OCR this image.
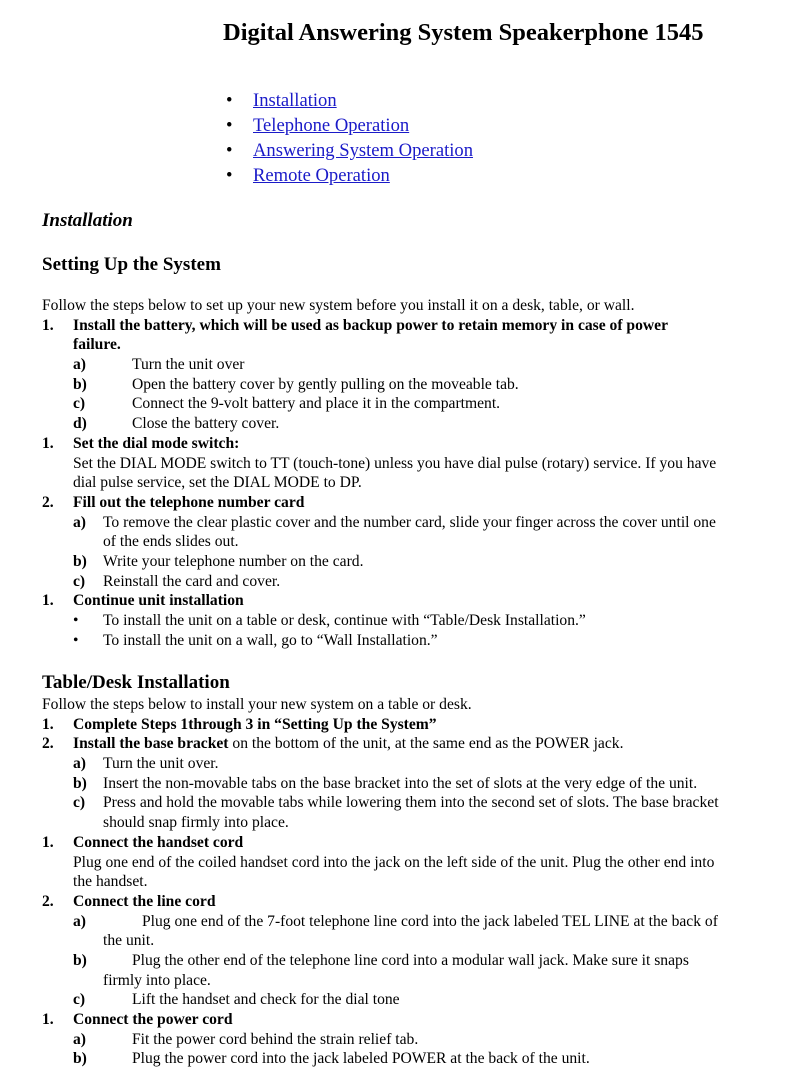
Digital Answering System Speakerphone 1545
• Installation
• Telephone Operation
• Answering System Operation
• Remote Operation
Installation
Setting Up the System
Follow the steps below to set up your new system before you install it on a desk, table, or wall.
1. Install the battery, which will be used as backup power to retain memory in case of power
failure.
a)	Turn the unit over
b)	Open the battery cover by gently pulling on the moveable tab.
c)	Connect the 9-volt battery and place it in the compartment.
d)	Close the battery cover.
1. Set the dial mode switch:
Set the DIAL MODE switch to TT (touch-tone) unless you have dial pulse (rotary) service. If you have
dial pulse service, set the DIAL MODE to DP.
2. Fill out the telephone number card
a) To remove the clear plastic cover and the number card, slide your finger across the cover until one
of the ends slides out.
b) Write your telephone number on the card.
c) Reinstall the card and cover.
1. Continue unit installation
• To install the unit on a table or desk, continue with “Table/Desk Installation.”
• To install the unit on a wall, go to “Wall Installation.”
Table/Desk Installation
Follow the steps below to install your new system on a table or desk.
1. Complete Steps 1through 3 in “Setting Up the System”
2. Install the base bracket on the bottom of the unit, at the same end as the POWER jack.
a) Turn the unit over.
b) Insert the non-movable tabs on the base bracket into the set of slots at the very edge of the unit.
c) Press and hold the movable tabs while lowering them into the second set of slots. The base bracket
should snap firmly into place.
1. Connect the handset cord
Plug one end of the coiled handset cord into the jack on the left side of the unit. Plug the other end into
the handset.
2. Connect the line cord
a)	Plug one end of the 7-foot telephone line cord into the jack labeled TEL LINE at the back of
the unit.
b)	Plug the other end of the telephone line cord into a modular wall jack. Make sure it snaps
firmly into place.
c)	Lift the handset and check for the dial tone
1. Connect the power cord
a)	Fit the power cord behind the strain relief tab.
b)	Plug the power cord into the jack labeled POWER at the back of the unit.
